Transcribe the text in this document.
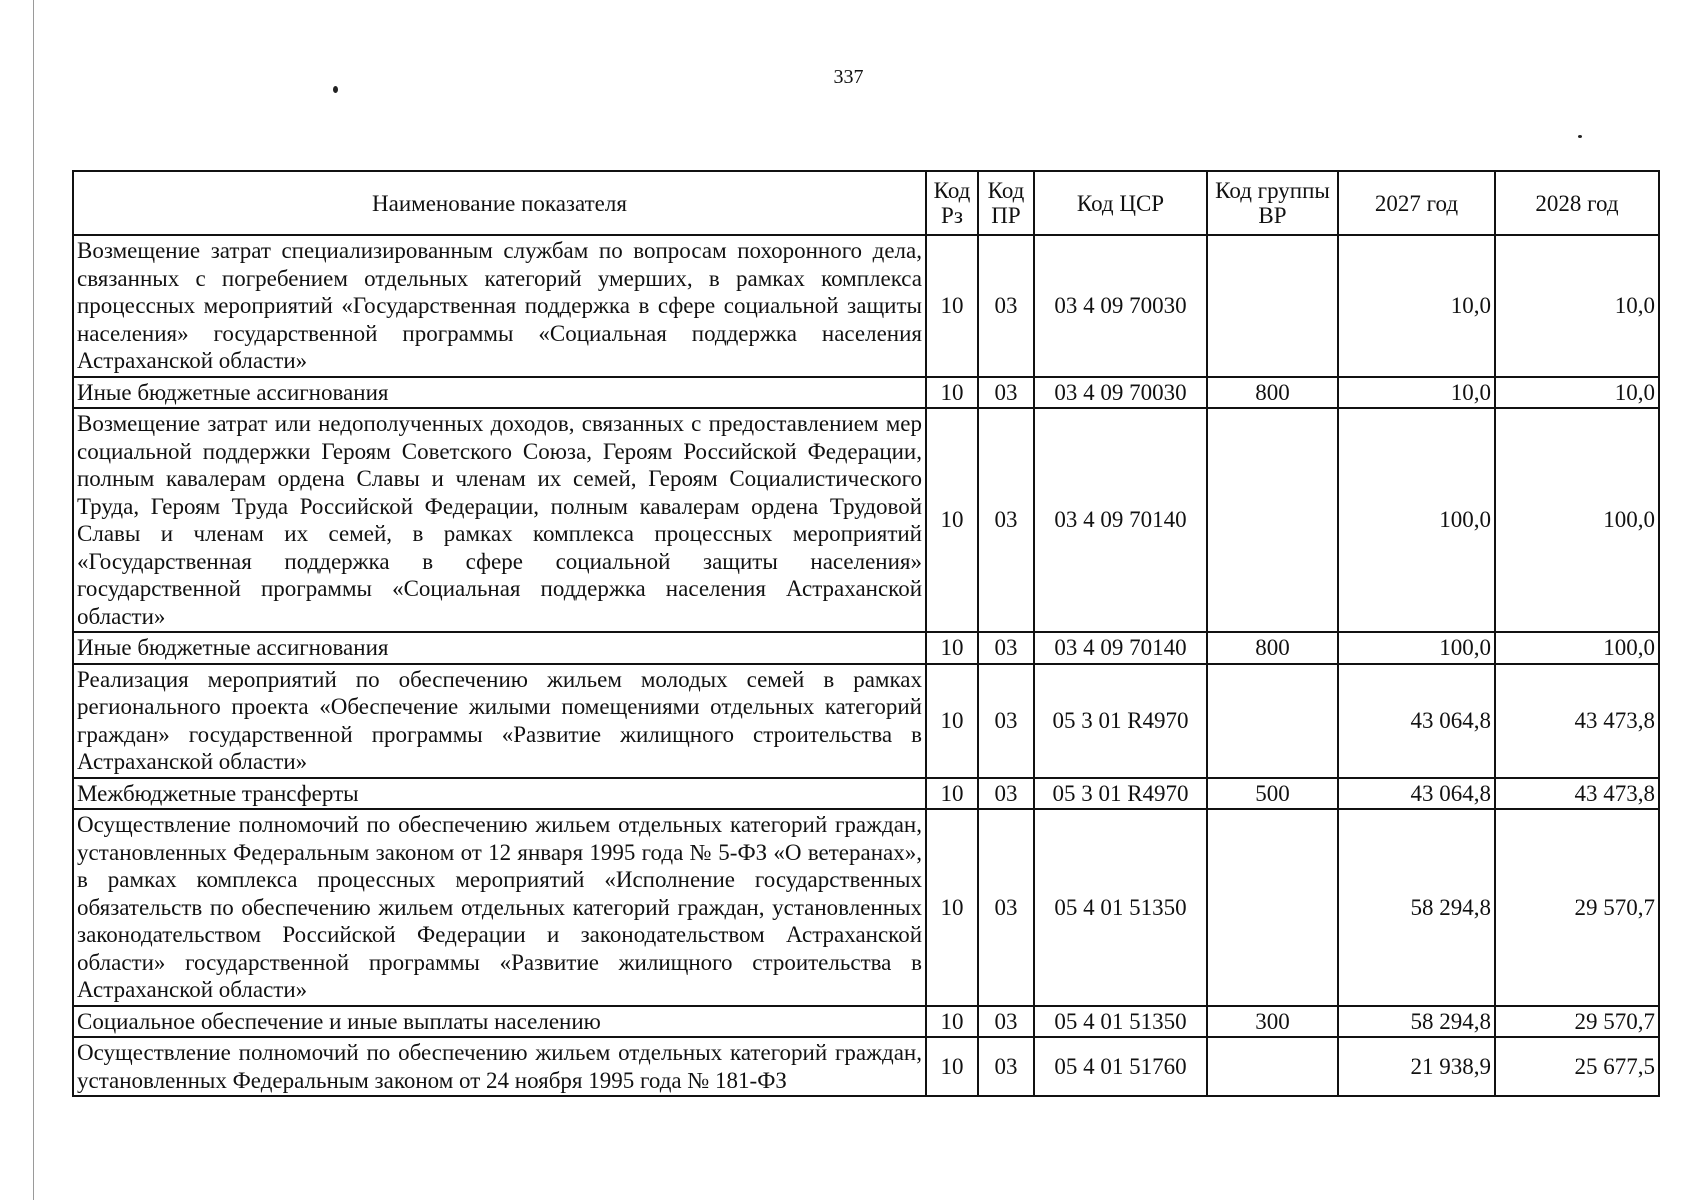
337
Наименование показателя	Код Рз	Код ПР	Код ЦСР	Код группы ВР	2027 год	2028 год
Возмещение затрат специализированным службам по вопросам похоронного дела, связанных с погребением отдельных категорий умерших, в рамках комплекса процессных мероприятий «Государственная поддержка в сфере социальной защиты населения» государственной программы «Социальная поддержка населения Астраханской области»	10	03	03 4 09 70030		10,0	10,0
Иные бюджетные ассигнования	10	03	03 4 09 70030	800	10,0	10,0
Возмещение затрат или недополученных доходов, связанных с предоставлением мер социальной поддержки Героям Советского Союза, Героям Российской Федерации, полным кавалерам ордена Славы и членам их семей, Героям Социалистического Труда, Героям Труда Российской Федерации, полным кавалерам ордена Трудовой Славы и членам их семей, в рамках комплекса процессных мероприятий «Государственная поддержка в сфере социальной защиты населения» государственной программы «Социальная поддержка населения Астраханской области»	10	03	03 4 09 70140		100,0	100,0
Иные бюджетные ассигнования	10	03	03 4 09 70140	800	100,0	100,0
Реализация мероприятий по обеспечению жильем молодых семей в рамках регионального проекта «Обеспечение жилыми помещениями отдельных категорий граждан» государственной программы «Развитие жилищного строительства в Астраханской области»	10	03	05 3 01 R4970		43 064,8	43 473,8
Межбюджетные трансферты	10	03	05 3 01 R4970	500	43 064,8	43 473,8
Осуществление полномочий по обеспечению жильем отдельных категорий граждан, установленных Федеральным законом от 12 января 1995 года № 5-ФЗ «О ветеранах», в рамках комплекса процессных мероприятий «Исполнение государственных обязательств по обеспечению жильем отдельных категорий граждан, установленных законодательством Российской Федерации и законодательством Астраханской области» государственной программы «Развитие жилищного строительства в Астраханской области»	10	03	05 4 01 51350		58 294,8	29 570,7
Социальное обеспечение и иные выплаты населению	10	03	05 4 01 51350	300	58 294,8	29 570,7
Осуществление полномочий по обеспечению жильем отдельных категорий граждан, установленных Федеральным законом от 24 ноября 1995 года № 181-ФЗ	10	03	05 4 01 51760		21 938,9	25 677,5
